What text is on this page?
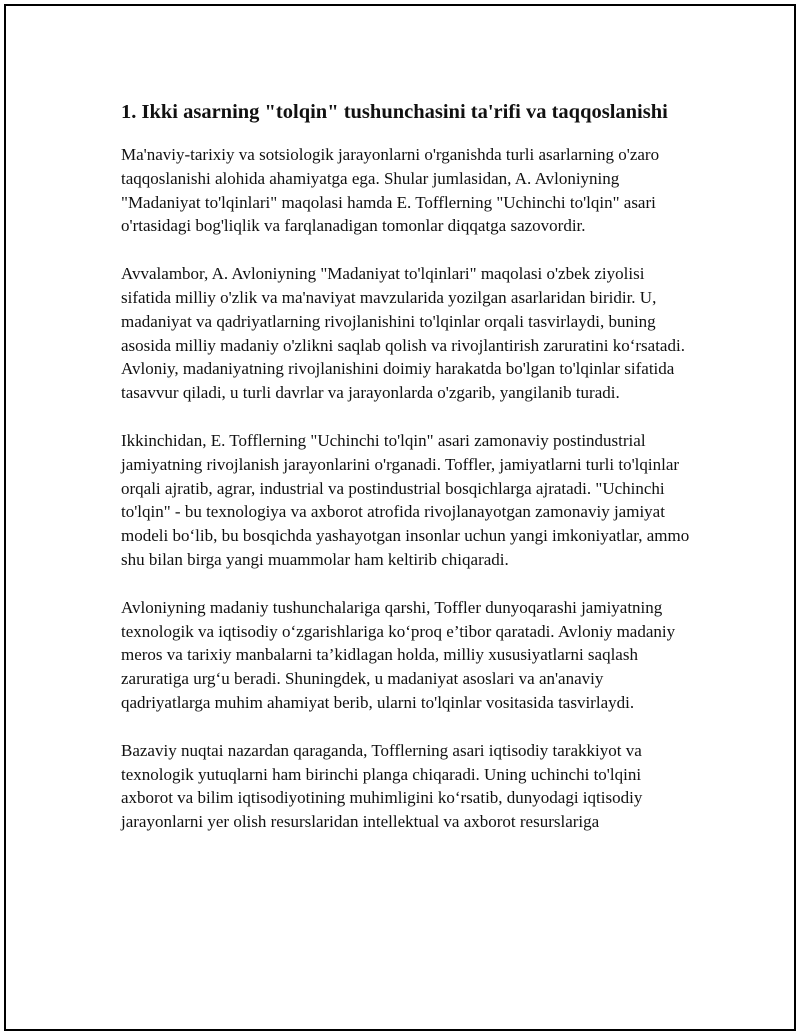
1. Ikki asarning "tolqin" tushunchasini ta'rifi va taqqoslanishi

Ma'naviy-tarixiy va sotsiologik jarayonlarni o'rganishda turli asarlarning o'zaro taqqoslanishi alohida ahamiyatga ega. Shular jumlasidan, A. Avloniyning "Madaniyat to'lqinlari" maqolasi hamda E. Tofflerning "Uchinchi to'lqin" asari o'rtasidagi bog'liqlik va farqlanadigan tomonlar diqqatga sazovordir.

Avvalambor, A. Avloniyning "Madaniyat to'lqinlari" maqolasi o'zbek ziyolisi sifatida milliy o'zlik va ma'naviyat mavzularida yozilgan asarlaridan biridir. U, madaniyat va qadriyatlarning rivojlanishini to'lqinlar orqali tasvirlaydi, buning asosida milliy madaniy o'zlikni saqlab qolish va rivojlantirish zaruratini ko‘rsatadi. Avloniy, madaniyatning rivojlanishini doimiy harakatda bo'lgan to'lqinlar sifatida tasavvur qiladi, u turli davrlar va jarayonlarda o'zgarib, yangilanib turadi.

Ikkinchidan, E. Tofflerning "Uchinchi to'lqin" asari zamonaviy postindustrial jamiyatning rivojlanish jarayonlarini o'rganadi. Toffler, jamiyatlarni turli to'lqinlar orqali ajratib, agrar, industrial va postindustrial bosqichlarga ajratadi. "Uchinchi to'lqin" - bu texnologiya va axborot atrofida rivojlanayotgan zamonaviy jamiyat modeli bo‘lib, bu bosqichda yashayotgan insonlar uchun yangi imkoniyatlar, ammo shu bilan birga yangi muammolar ham keltirib chiqaradi.

Avloniyning madaniy tushunchalariga qarshi, Toffler dunyoqarashi jamiyatning texnologik va iqtisodiy o‘zgarishlariga ko‘proq e’tibor qaratadi. Avloniy madaniy meros va tarixiy manbalarni ta’kidlagan holda, milliy xususiyatlarni saqlash zaruratiga urg‘u beradi. Shuningdek, u madaniyat asoslari va an'anaviy qadriyatlarga muhim ahamiyat berib, ularni to'lqinlar vositasida tasvirlaydi.

Bazaviy nuqtai nazardan qaraganda, Tofflerning asari iqtisodiy tarakkiyot va texnologik yutuqlarni ham birinchi planga chiqaradi. Uning uchinchi to'lqini axborot va bilim iqtisodiyotining muhimligini ko‘rsatib, dunyodagi iqtisodiy jarayonlarni yer olish resurslaridan intellektual va axborot resurslariga
